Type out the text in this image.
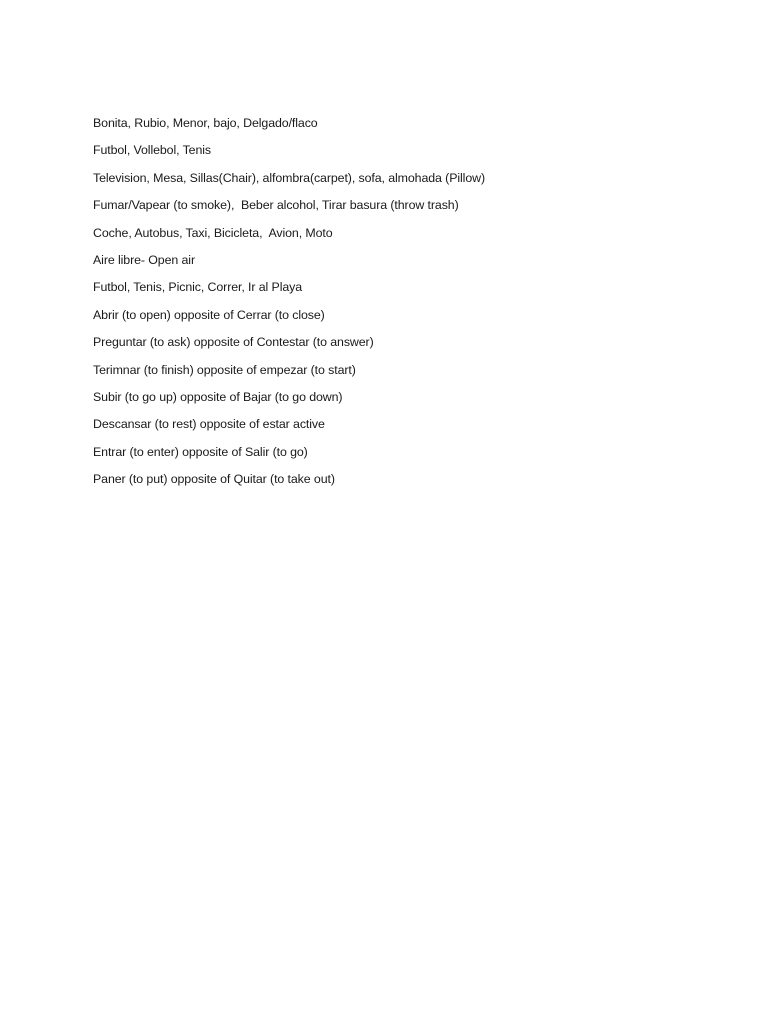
Bonita, Rubio, Menor, bajo, Delgado/flaco
Futbol, Vollebol, Tenis
Television, Mesa, Sillas(Chair), alfombra(carpet), sofa, almohada (Pillow)
Fumar/Vapear (to smoke),  Beber alcohol, Tirar basura (throw trash)
Coche, Autobus, Taxi, Bicicleta,  Avion, Moto
Aire libre- Open air
Futbol, Tenis, Picnic, Correr, Ir al Playa
Abrir (to open) opposite of Cerrar (to close)
Preguntar (to ask) opposite of Contestar (to answer)
Terimnar (to finish) opposite of empezar (to start)
Subir (to go up) opposite of Bajar (to go down)
Descansar (to rest) opposite of estar active
Entrar (to enter) opposite of Salir (to go)
Paner (to put) opposite of Quitar (to take out)
